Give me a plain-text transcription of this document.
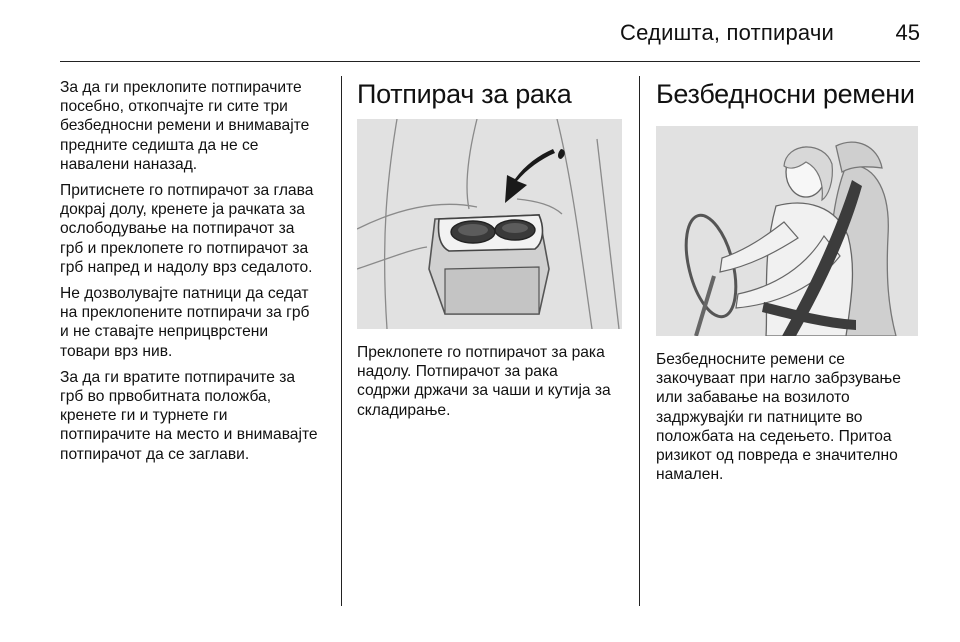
Седишта, потпирачи	45

За да ги преклопите потпирачите
посебно, откопчајте ги сите три
безбедносни ремени и внимавајте
предните седишта да не се
навалени наназад.

Притиснете го потпирачот за глава
докрај долу, кренете ја рачката за
ослободување на потпирачот за
грб и преклопете го потпирачот за
грб напред и надолу врз седалото.

Не дозволувајте патници да седат
на преклопените потпирачи за грб
и не ставајте неприцврстени
товари врз нив.

За да ги вратите потпирачите за
грб во првобитната положба,
кренете ги и турнете ги
потпирачите на место и внимавајте
потпирачот да се заглави.

Потпирач за рака

Преклопете го потпирачот за рака
надолу. Потпирачот за рака
содржи држачи за чаши и кутија за
складирање.

Безбедносни ремени

Безбедносните ремени се
закочуваат при нагло забрзување
или забавање на возилото
задржувајќи ги патниците во
положбата на седењето. Притоа
ризикот од повреда е значително
намален.
